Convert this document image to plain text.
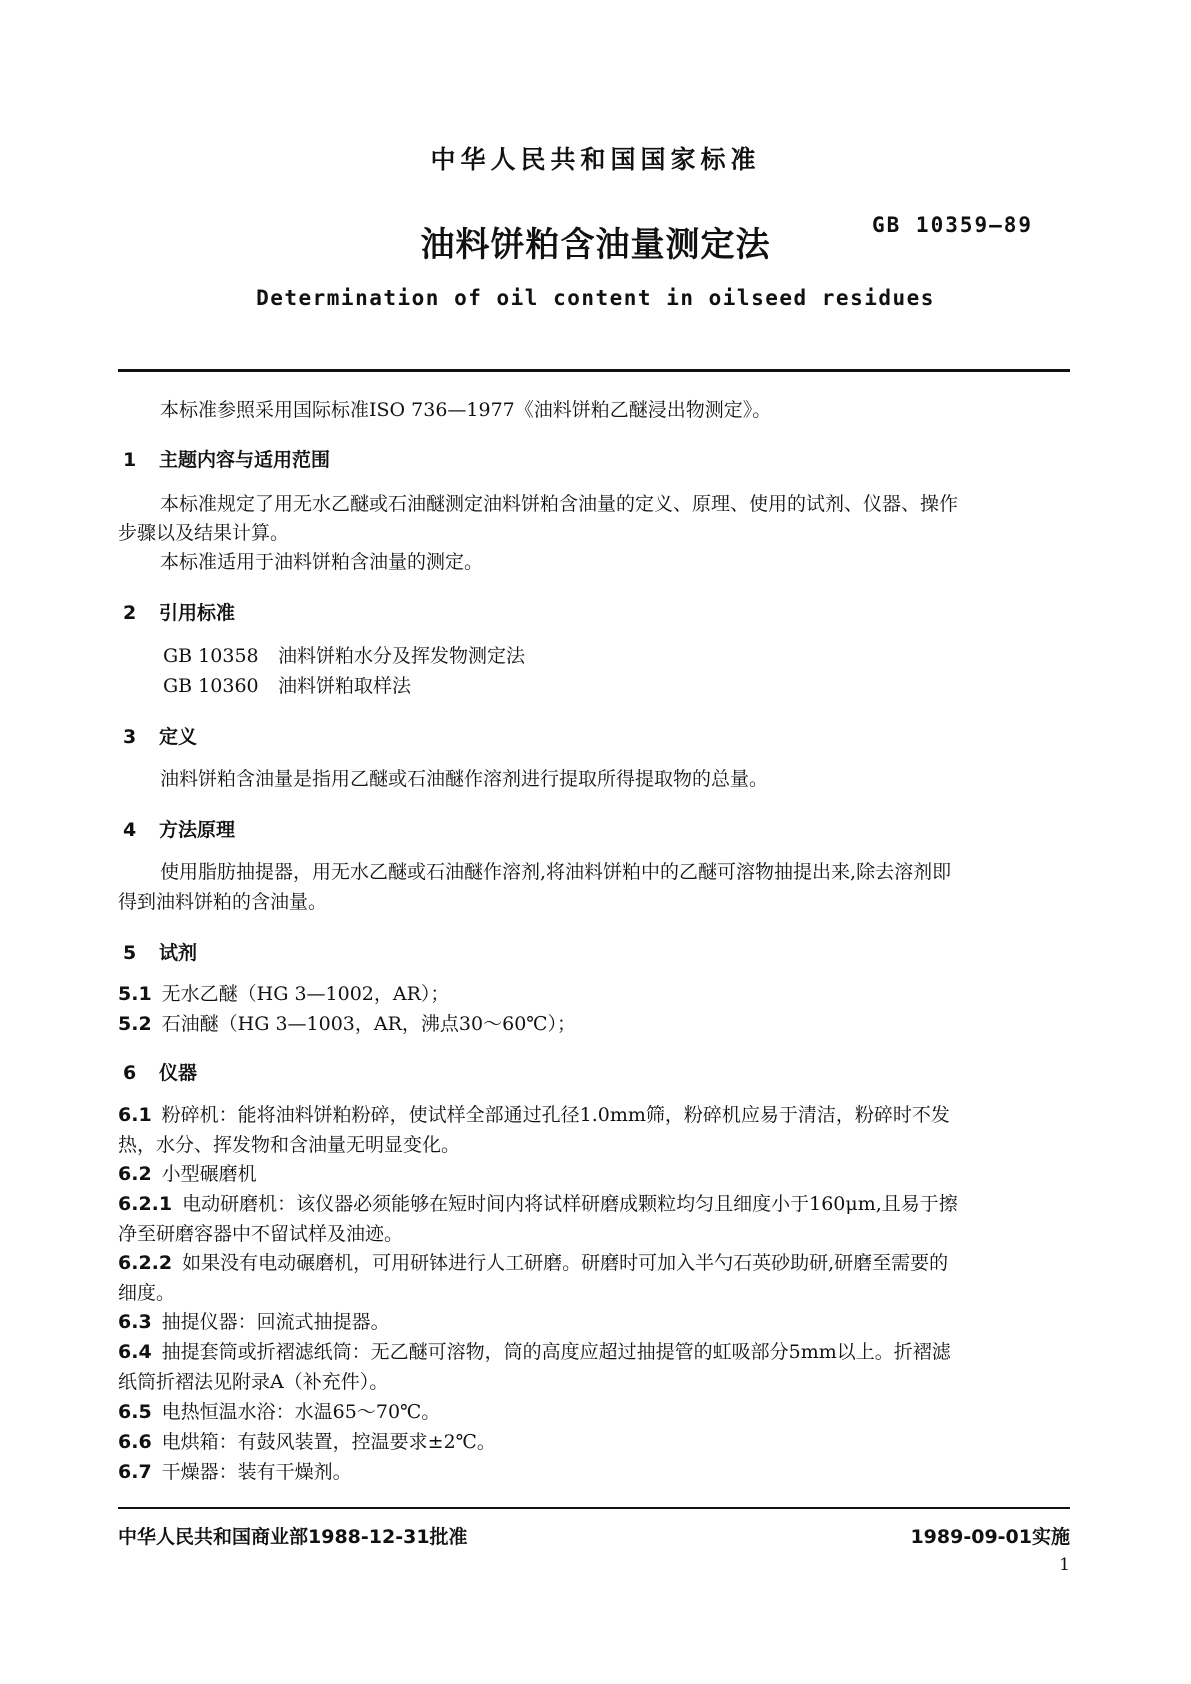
中华人民共和国国家标准
油料饼粕含油量测定法	GB 10359—89
Determination of oil content in oilseed residues
本标准参照采用国际标准ISO 736—1977《油料饼粕乙醚浸出物测定》。
1 主题内容与适用范围
本标准规定了用无水乙醚或石油醚测定油料饼粕含油量的定义、原理、使用的试剂、仪器、操作
步骤以及结果计算。
本标准适用于油料饼粕含油量的测定。
2 引用标准
GB 10358 油料饼粕水分及挥发物测定法
GB 10360 油料饼粕取样法
3 定义
油料饼粕含油量是指用乙醚或石油醚作溶剂进行提取所得提取物的总量。
4 方法原理
使用脂肪抽提器，用无水乙醚或石油醚作溶剂,将油料饼粕中的乙醚可溶物抽提出来,除去溶剂即
得到油料饼粕的含油量。
5 试剂
5.1 无水乙醚（HG 3—1002，AR）；
5.2 石油醚（HG 3—1003，AR，沸点30～60℃）；
6 仪器
6.1 粉碎机：能将油料饼粕粉碎，使试样全部通过孔径1.0mm筛，粉碎机应易于清洁，粉碎时不发
热，水分、挥发物和含油量无明显变化。
6.2 小型碾磨机
6.2.1 电动研磨机：该仪器必须能够在短时间内将试样研磨成颗粒均匀且细度小于160μm,且易于擦
净至研磨容器中不留试样及油迹。
6.2.2 如果没有电动碾磨机，可用研钵进行人工研磨。研磨时可加入半勺石英砂助研,研磨至需要的
细度。
6.3 抽提仪器：回流式抽提器。
6.4 抽提套筒或折褶滤纸筒：无乙醚可溶物，筒的高度应超过抽提管的虹吸部分5mm以上。折褶滤
纸筒折褶法见附录A（补充件）。
6.5 电热恒温水浴：水温65～70℃。
6.6 电烘箱：有鼓风装置，控温要求±2℃。
6.7 干燥器：装有干燥剂。
中华人民共和国商业部1988-12-31批准	1989-09-01实施
1
